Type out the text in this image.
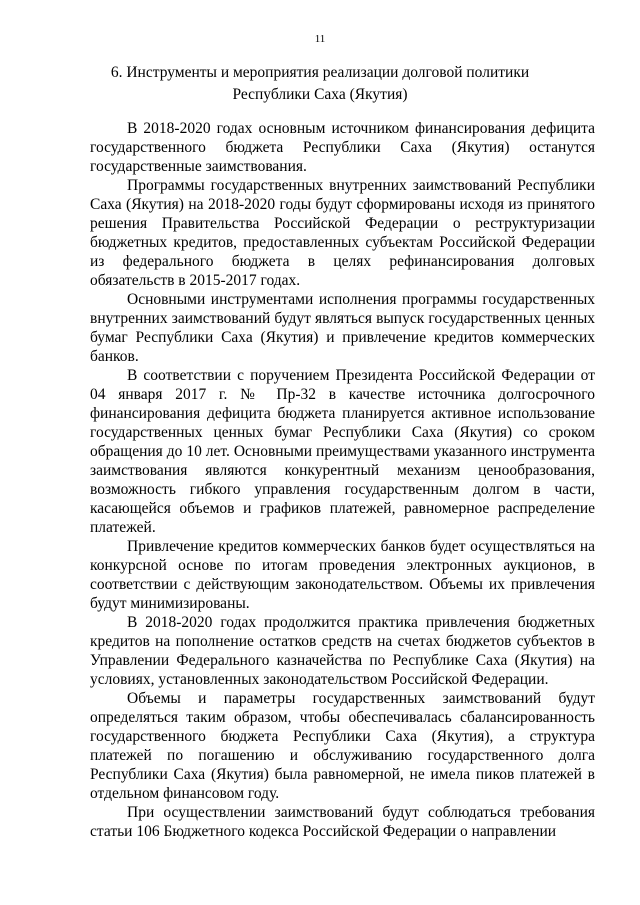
11
6. Инструменты и мероприятия реализации долговой политики
Республики Саха (Якутия)

В 2018-2020 годах основным источником финансирования дефицита государственного бюджета Республики Саха (Якутия) останутся государственные заимствования.

Программы государственных внутренних заимствований Республики Саха (Якутия) на 2018-2020 годы будут сформированы исходя из принятого решения Правительства Российской Федерации о реструктуризации бюджетных кредитов, предоставленных субъектам Российской Федерации из федерального бюджета в целях рефинансирования долговых обязательств в 2015-2017 годах.

Основными инструментами исполнения программы государственных внутренних заимствований будут являться выпуск государственных ценных бумаг Республики Саха (Якутия) и привлечение кредитов коммерческих банков.

В соответствии с поручением Президента Российской Федерации от 04 января 2017 г. № Пр-32 в качестве источника долгосрочного финансирования дефицита бюджета планируется активное использование государственных ценных бумаг Республики Саха (Якутия) со сроком обращения до 10 лет. Основными преимуществами указанного инструмента заимствования являются конкурентный механизм ценообразования, возможность гибкого управления государственным долгом в части, касающейся объемов и графиков платежей, равномерное распределение платежей.

Привлечение кредитов коммерческих банков будет осуществляться на конкурсной основе по итогам проведения электронных аукционов, в соответствии с действующим законодательством. Объемы их привлечения будут минимизированы.

В 2018-2020 годах продолжится практика привлечения бюджетных кредитов на пополнение остатков средств на счетах бюджетов субъектов в Управлении Федерального казначейства по Республике Саха (Якутия) на условиях, установленных законодательством Российской Федерации.

Объемы и параметры государственных заимствований будут определяться таким образом, чтобы обеспечивалась сбалансированность государственного бюджета Республики Саха (Якутия), а структура платежей по погашению и обслуживанию государственного долга Республики Саха (Якутия) была равномерной, не имела пиков платежей в отдельном финансовом году.

При осуществлении заимствований будут соблюдаться требования статьи 106 Бюджетного кодекса Российской Федерации о направлении
